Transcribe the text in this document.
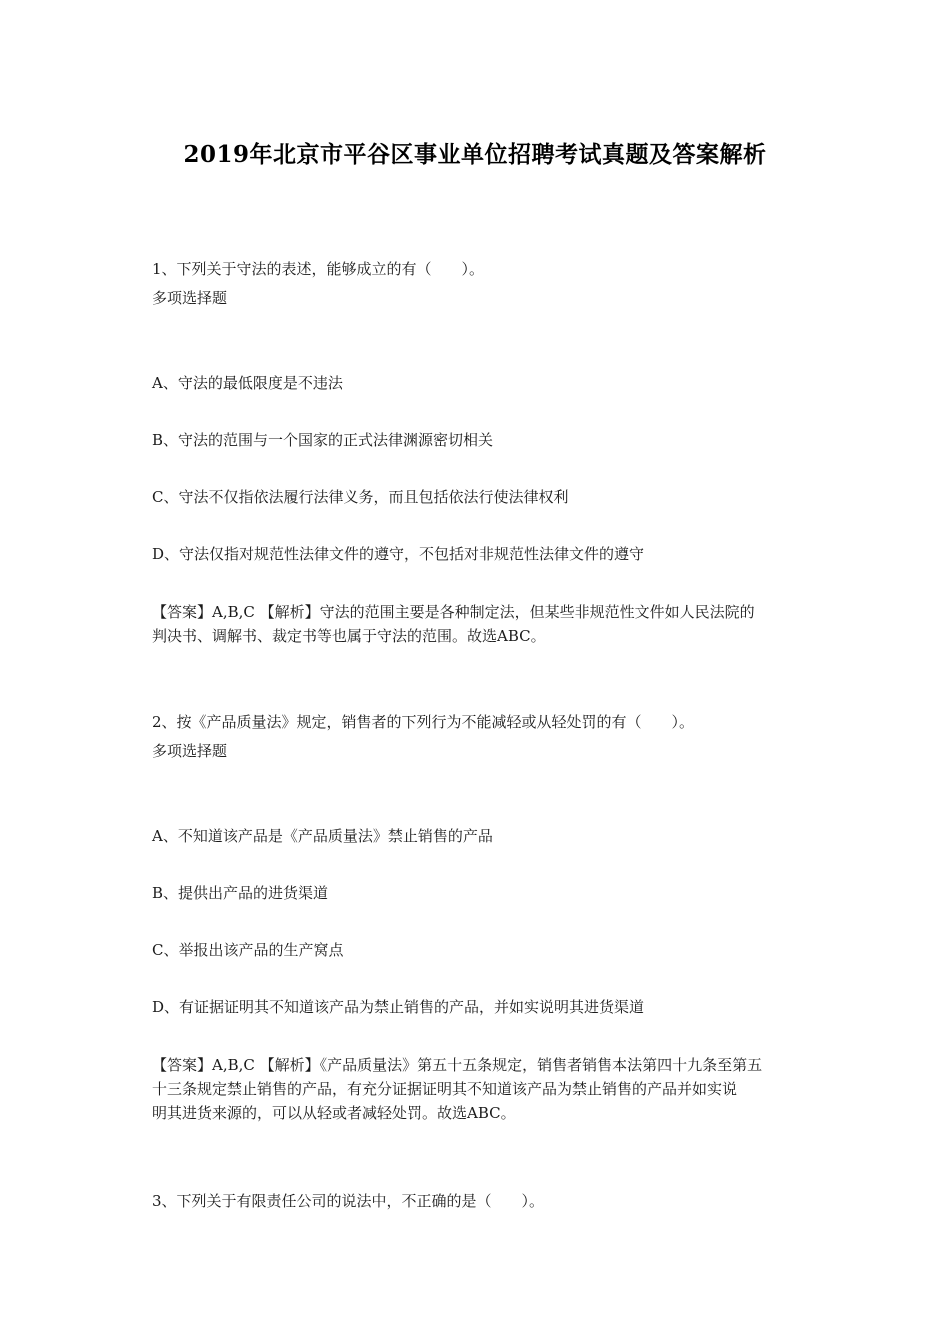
2019年北京市平谷区事业单位招聘考试真题及答案解析
1、下列关于守法的表述，能够成立的有（　　）。
多项选择题
A、守法的最低限度是不违法
B、守法的范围与一个国家的正式法律渊源密切相关
C、守法不仅指依法履行法律义务，而且包括依法行使法律权利
D、守法仅指对规范性法律文件的遵守，不包括对非规范性法律文件的遵守
【答案】A,B,C 【解析】守法的范围主要是各种制定法，但某些非规范性文件如人民法院的
判决书、调解书、裁定书等也属于守法的范围。故选ABC。
2、按《产品质量法》规定，销售者的下列行为不能减轻或从轻处罚的有（　　）。
多项选择题
A、不知道该产品是《产品质量法》禁止销售的产品
B、提供出产品的进货渠道
C、举报出该产品的生产窝点
D、有证据证明其不知道该产品为禁止销售的产品，并如实说明其进货渠道
【答案】A,B,C 【解析】《产品质量法》第五十五条规定，销售者销售本法第四十九条至第五
十三条规定禁止销售的产品，有充分证据证明其不知道该产品为禁止销售的产品并如实说
明其进货来源的，可以从轻或者减轻处罚。故选ABC。
3、下列关于有限责任公司的说法中，不正确的是（　　）。
